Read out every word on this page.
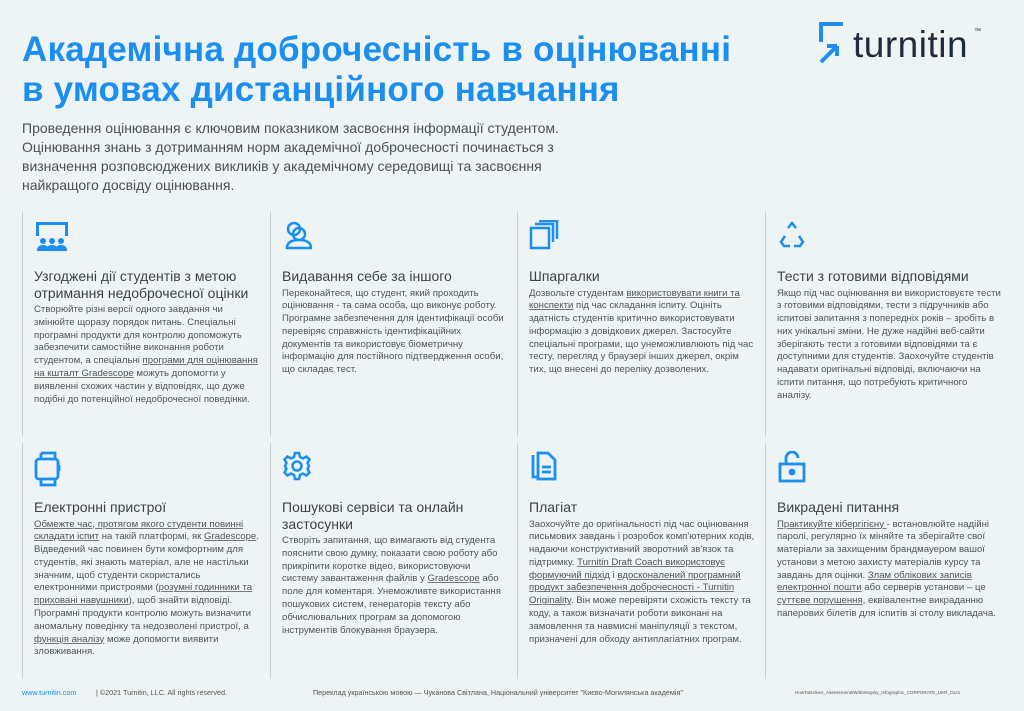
Академічна доброчесність в оцінюванні
в умовах дистанційного навчання
turnitin ™

Проведення оцінювання є ключовим показником засвоєння інформації студентом. Оцінювання знань з дотриманням норм академічної доброчесності починається з визначення розповсюджених викликів у академічному середовищі та засвоєння найкращого досвіду оцінювання.

Узгоджені дії студентів з метою отримання недоброчесної оцінки

Створюйте різні версії одного завдання чи змінюйте щоразу порядок питань. Спеціальні програмні продукти для контролю допоможуть забезпечити самостійне виконання роботи студентом, а спеціальні програми для оцінювання на кшталт Gradescope можуть допомогти у виявленні схожих частин у відповідях, що дуже подібні до потенційної недоброчесної поведінки.

Видавання себе за іншого

Переконайтеся, що студент, який проходить оцінювання - та сама особа, що виконує роботу. Програмне забезпечення для ідентифікації особи перевіряє справжність ідентифікаційних документів та використовує біометричну інформацію для постійного підтвердження особи, що складає тест.

Шпаргалки

Дозвольте студентам використовувати книги та конспекти під час складання іспиту. Оцініть здатність студентів критично використовувати інформацію з довідкових джерел. Застосуйте спеціальні програми, що унеможливлюють під час тесту, перегляд у браузері інших джерел, окрім тих, що внесені до переліку дозволених.

Тести з готовими відповідями

Якщо під час оцінювання ви використовуєте тести з готовими відповідями, тести з підручників або іспитові запитання з попередніх років – зробіть в них унікальні зміни. Не дуже надійні веб-сайти зберігають тести з готовими відповідями та є доступними для студентів. Заохочуйте студентів надавати оригінальні відповіді, включаючи на іспити питання, що потребують критичного аналізу.

Електронні пристрої

Обмежте час, протягом якого студенти повинні складати іспит на такій платформі, як Gradescope. Відведений час повинен бути комфортним для студентів, які знають матеріал, але не настільки значним, щоб студенти скористались електронними пристроями (розумні годинники та приховані навушники), щоб знайти відповіді. Програмні продукти контролю можуть визначити аномальну поведінку та недозволені пристрої, а функція аналізу може допомогти виявити зловживання.

Пошукові сервіси та онлайн застосунки

Створіть запитання, що вимагають від студента пояснити свою думку, показати свою роботу або прикріпити коротке відео, використовуючи систему завантаження файлів у Gradescope або поле для коментаря. Унеможливте використання пошукових систем, генераторів тексту або обчислювальних програм за допомогою інструментів блокування браузера.

Плагіат

Заохочуйте до оригінальності під час оцінювання письмових завдань і розробок комп'ютерних кодів, надаючи конструктивний зворотний зв'язок та підтримку. Turnitin Draft Coach використовує формуючий підхід і вдосконалений програмний продукт забезпечення доброчесності - Turnitin Originality. Він може перевіряти схожість тексту та коду, а також визначати роботи виконані на замовлення та навмисні маніпуляції з текстом, призначені для обходу антиплагіатних програм.

Викрадені питання

Практикуйте кібергігієну - встановлюйте надійні паролі, регулярно їх міняйте та зберігайте свої матеріали за захищеним брандмауером вашої установи з метою захисту матеріалів курсу та завдань для оцінки. Злам облікових записів електронної пошти або серверів установи – це суттєве порушення, еквівалентне викраданню паперових білетів для іспитів зі столу викладача.

www.turnitin.com	| ©2021 Turnitin, LLC. All rights reserved.	Переклад українською мовою — Чуканова Світлана, Національний університет "Києво-Могилянська академія"	HowToDeliver_AssessmentsWithIntegrity_Infographic_CORPORATE_UKR_0121
